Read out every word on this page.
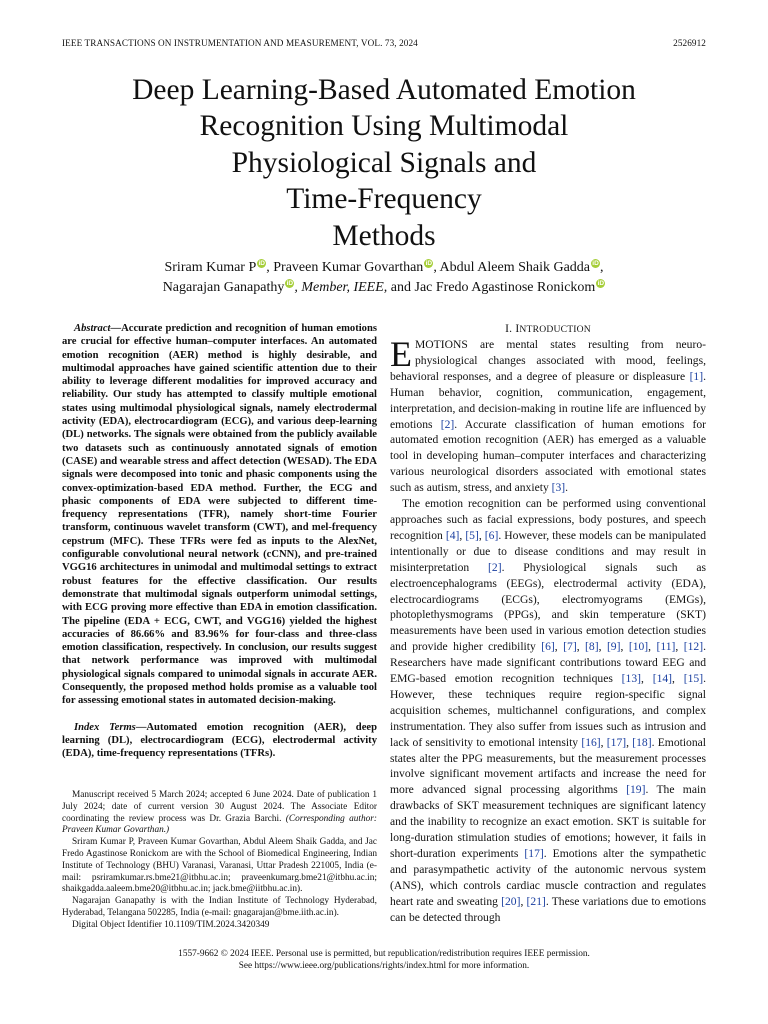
IEEE TRANSACTIONS ON INSTRUMENTATION AND MEASUREMENT, VOL. 73, 2024	2526912
Deep Learning-Based Automated Emotion
Recognition Using Multimodal
Physiological Signals and
Time-Frequency
Methods
Sriram Kumar P iD, Praveen Kumar Govarthan iD, Abdul Aleem Shaik Gadda iD,
Nagarajan Ganapathy iD, Member, IEEE, and Jac Fredo Agastinose Ronickom iD

Abstract—Accurate prediction and recognition of human emotions are crucial for effective human–computer interfaces. An automated emotion recognition (AER) method is highly desirable, and multimodal approaches have gained scientific attention due to their ability to leverage different modalities for improved accuracy and reliability. Our study has attempted to classify multiple emotional states using multimodal physiological signals, namely electrodermal activity (EDA), electrocardiogram (ECG), and various deep-learning (DL) networks. The signals were obtained from the publicly available two datasets such as continuously annotated signals of emotion (CASE) and wearable stress and affect detection (WESAD). The EDA signals were decomposed into tonic and phasic components using the convex-optimization-based EDA method. Further, the ECG and phasic components of EDA were subjected to different time-frequency representations (TFR), namely short-time Fourier transform, continuous wavelet transform (CWT), and mel-frequency cepstrum (MFC). These TFRs were fed as inputs to the AlexNet, configurable convolutional neural network (cCNN), and pre-trained VGG16 architectures in unimodal and multimodal settings to extract robust features for the effective classification. Our results demonstrate that multimodal signals outperform unimodal settings, with ECG proving more effective than EDA in emotion classification. The pipeline (EDA + ECG, CWT, and VGG16) yielded the highest accuracies of 86.66% and 83.96% for four-class and three-class emotion classification, respectively. In conclusion, our results suggest that network performance was improved with multimodal physiological signals compared to unimodal signals in accurate AER. Consequently, the proposed method holds promise as a valuable tool for assessing emotional states in automated decision-making.

Index Terms—Automated emotion recognition (AER), deep learning (DL), electrocardiogram (ECG), electrodermal activity (EDA), time-frequency representations (TFRs).

Manuscript received 5 March 2024; accepted 6 June 2024. Date of publication 1 July 2024; date of current version 30 August 2024. The Associate Editor coordinating the review process was Dr. Grazia Barchi. (Corresponding author: Praveen Kumar Govarthan.)

Sriram Kumar P, Praveen Kumar Govarthan, Abdul Aleem Shaik Gadda, and Jac Fredo Agastinose Ronickom are with the School of Biomedical Engineering, Indian Institute of Technology (BHU) Varanasi, Varanasi, Uttar Pradesh 221005, India (e-mail: psriramkumar.rs.bme21@itbhu.ac.in; praveenkumarg.bme21@itbhu.ac.in; shaikgadda.aaleem.bme20@itbhu.ac.in; jack.bme@iitbhu.ac.in).

Nagarajan Ganapathy is with the Indian Institute of Technology Hyderabad, Hyderabad, Telangana 502285, India (e-mail: gnagarajan@bme.iith.ac.in).

Digital Object Identifier 10.1109/TIM.2024.3420349

I. INTRODUCTION

EMOTIONS are mental states resulting from neuro-physiological changes associated with mood, feelings, behavioral responses, and a degree of pleasure or displeasure [1]. Human behavior, cognition, communication, engagement, interpretation, and decision-making in routine life are influenced by emotions [2]. Accurate classification of human emotions for automated emotion recognition (AER) has emerged as a valuable tool in developing human–computer interfaces and characterizing various neurological disorders associated with emotional states such as autism, stress, and anxiety [3].

The emotion recognition can be performed using conventional approaches such as facial expressions, body postures, and speech recognition [4], [5], [6]. However, these models can be manipulated intentionally or due to disease conditions and may result in misinterpretation [2]. Physiological signals such as electroencephalograms (EEGs), electrodermal activity (EDA), electrocardiograms (ECGs), electromyograms (EMGs), photoplethysmograms (PPGs), and skin temperature (SKT) measurements have been used in various emotion detection studies and provide higher credibility [6], [7], [8], [9], [10], [11], [12]. Researchers have made significant contributions toward EEG and EMG-based emotion recognition techniques [13], [14], [15]. However, these techniques require region-specific signal acquisition schemes, multichannel configurations, and complex instrumentation. They also suffer from issues such as intrusion and lack of sensitivity to emotional intensity [16], [17], [18]. Emotional states alter the PPG measurements, but the measurement processes involve significant movement artifacts and increase the need for more advanced signal processing algorithms [19]. The main drawbacks of SKT measurement techniques are significant latency and the inability to recognize an exact emotion. SKT is suitable for long-duration stimulation studies of emotions; however, it fails in short-duration experiments [17]. Emotions alter the sympathetic and parasympathetic activity of the autonomic nervous system (ANS), which controls cardiac muscle contraction and regulates heart rate and sweating [20], [21]. These variations due to emotions can be detected through

1557-9662 © 2024 IEEE. Personal use is permitted, but republication/redistribution requires IEEE permission.
See https://www.ieee.org/publications/rights/index.html for more information.
